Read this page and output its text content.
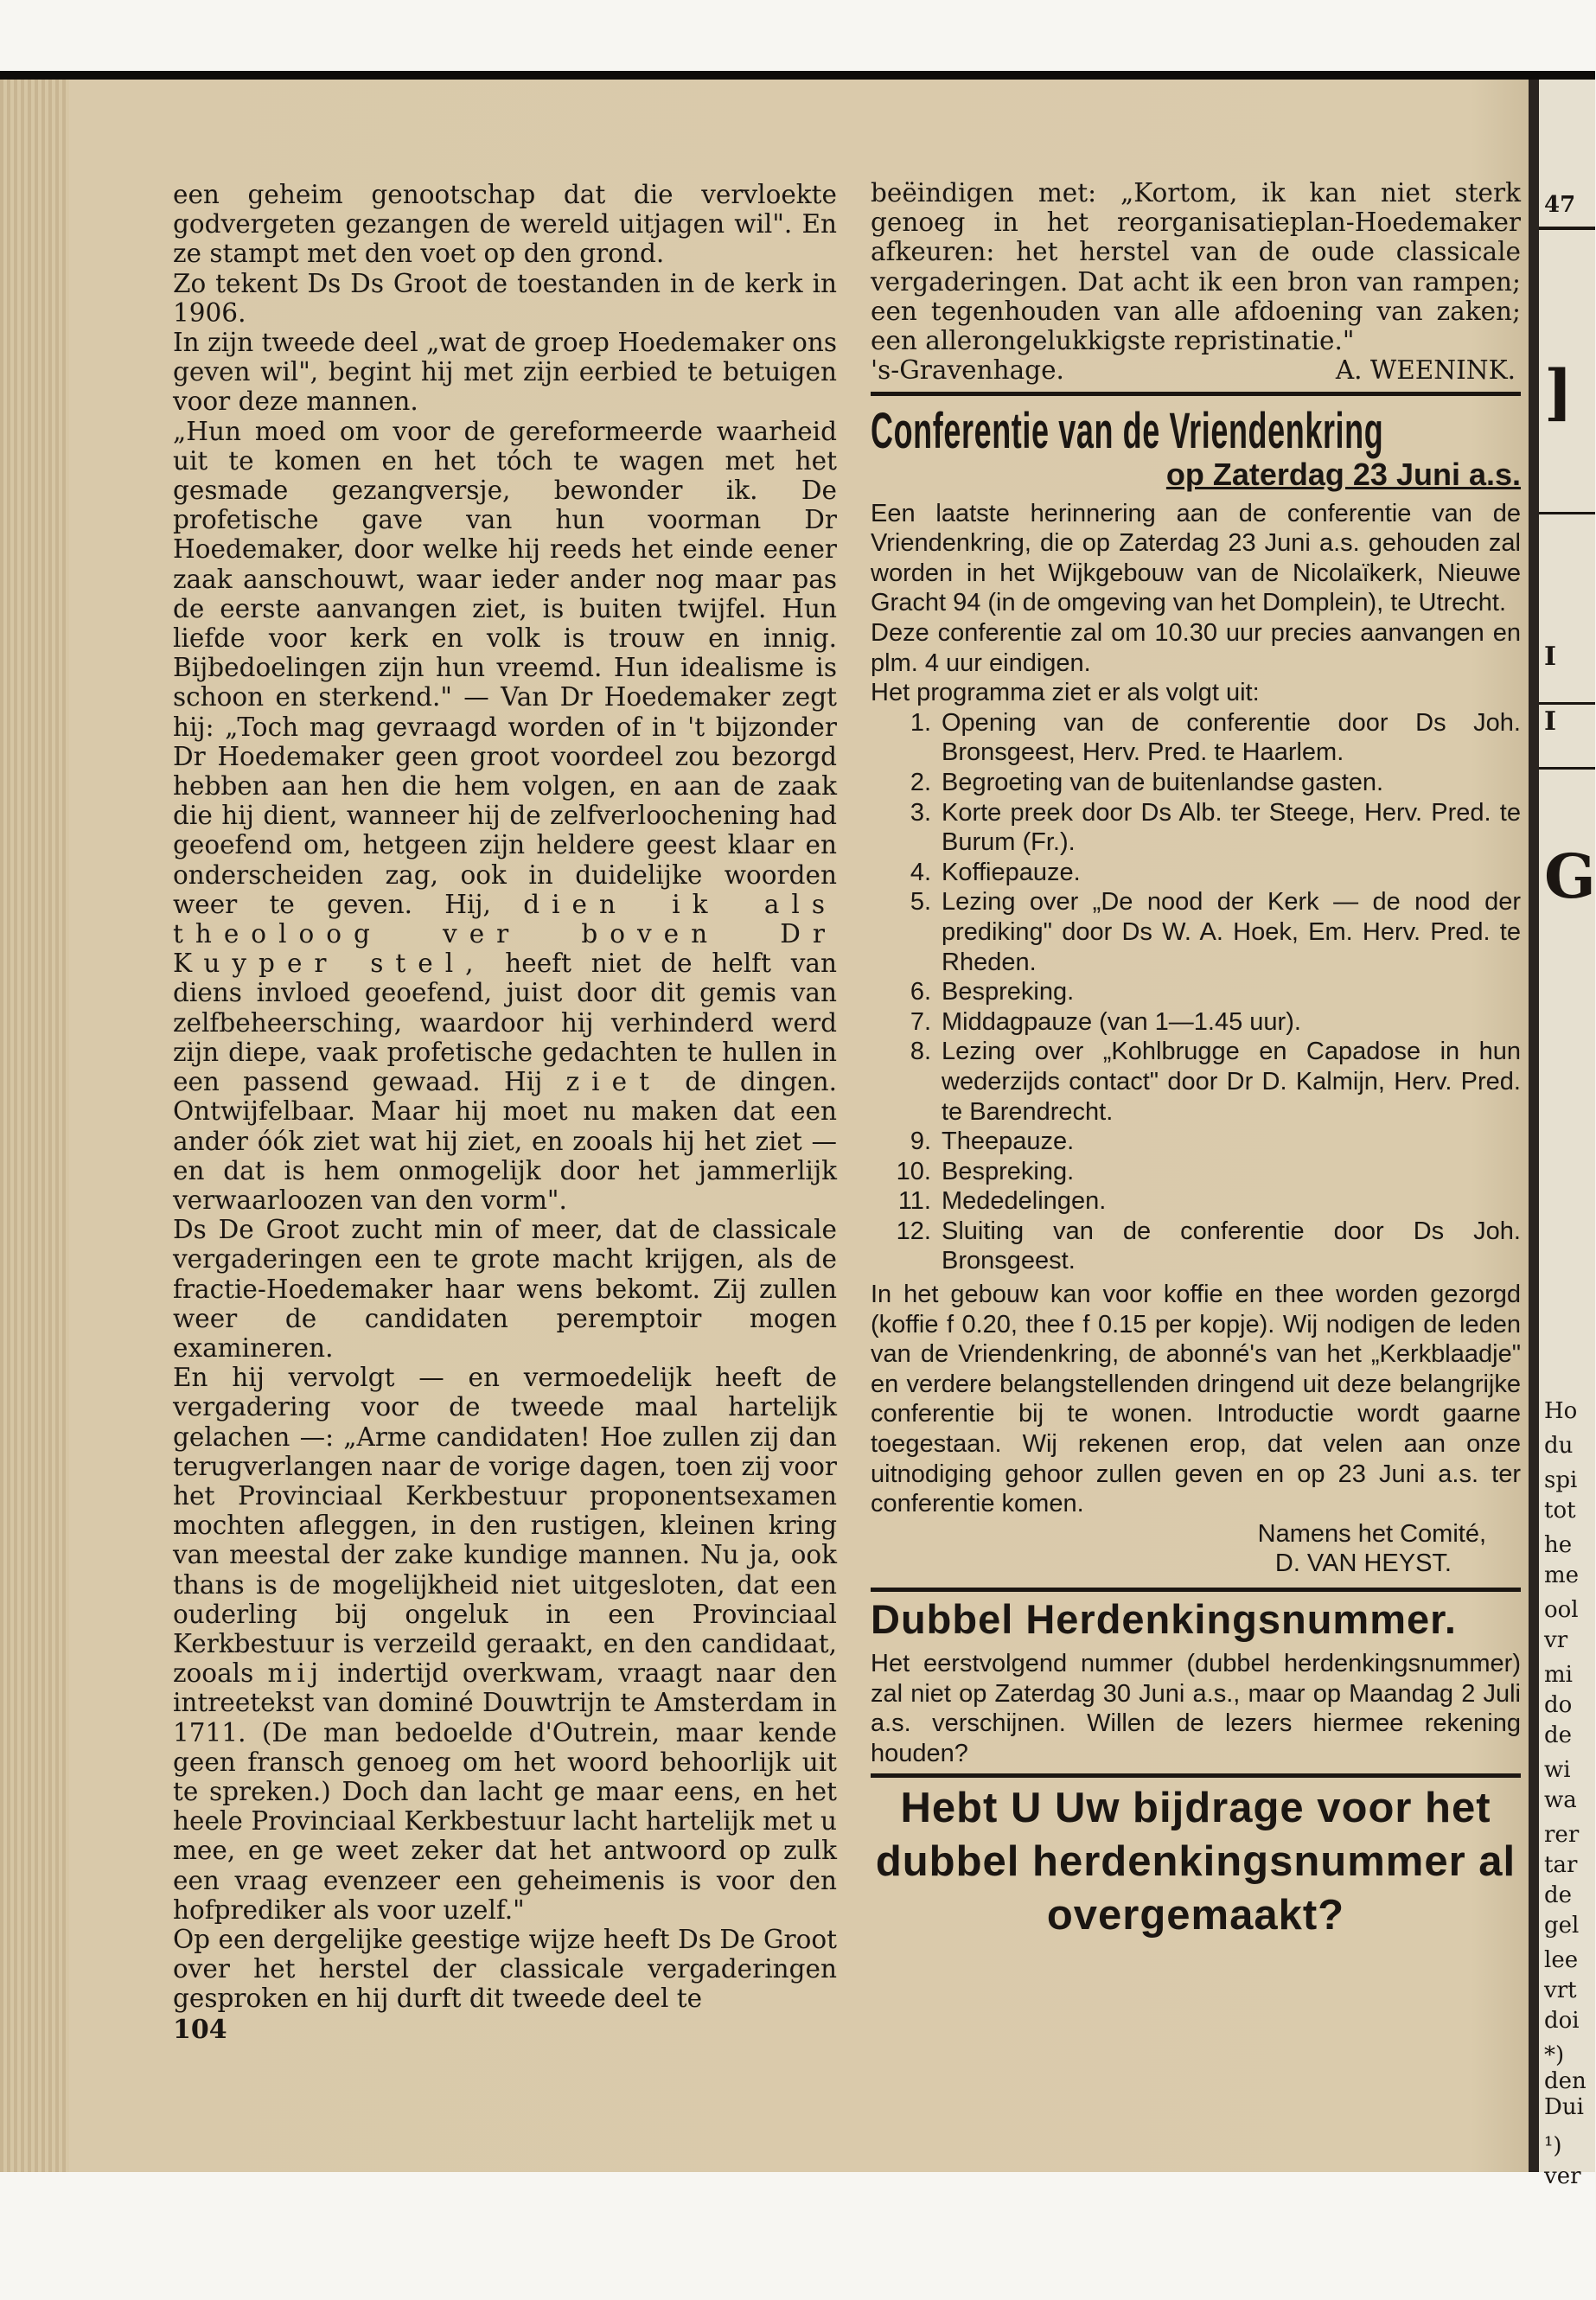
een geheim genootschap dat die vervloekte godvergeten gezangen de wereld uitjagen wil". En ze stampt met den voet op den grond.

Zo tekent Ds Ds Groot de toestanden in de kerk in 1906.

In zijn tweede deel „wat de groep Hoedemaker ons geven wil", begint hij met zijn eerbied te betuigen voor deze mannen.

„Hun moed om voor de gereformeerde waarheid uit te komen en het tóch te wagen met het gesmade gezangversje, bewonder ik. De profetische gave van hun voorman Dr Hoedemaker, door welke hij reeds het einde eener zaak aanschouwt, waar ieder ander nog maar pas de eerste aanvangen ziet, is buiten twijfel. Hun liefde voor kerk en volk is trouw en innig. Bijbedoelingen zijn hun vreemd. Hun idealisme is schoon en sterkend." — Van Dr Hoedemaker zegt hij: „Toch mag gevraagd worden of in 't bijzonder Dr Hoedemaker geen groot voordeel zou bezorgd hebben aan hen die hem volgen, en aan de zaak die hij dient, wanneer hij de zelfverloochening had geoefend om, hetgeen zijn heldere geest klaar en onderscheiden zag, ook in duidelijke woorden weer te geven. Hij, dien ik als theoloog ver boven Dr Kuyper stel, heeft niet de helft van diens invloed geoefend, juist door dit gemis van zelfbeheersching, waardoor hij verhinderd werd zijn diepe, vaak profetische gedachten te hullen in een passend gewaad. Hij ziet de dingen. Ontwijfelbaar. Maar hij moet nu maken dat een ander óók ziet wat hij ziet, en zooals hij het ziet — en dat is hem onmogelijk door het jammerlijk verwaarloozen van den vorm".

Ds De Groot zucht min of meer, dat de classicale vergaderingen een te grote macht krijgen, als de fractie-Hoedemaker haar wens bekomt. Zij zullen weer de candidaten peremptoir mogen examineren.

En hij vervolgt — en vermoedelijk heeft de vergadering voor de tweede maal hartelijk gelachen —: „Arme candidaten! Hoe zullen zij dan terugverlangen naar de vorige dagen, toen zij voor het Provinciaal Kerkbestuur proponentsexamen mochten afleggen, in den rustigen, kleinen kring van meestal der zake kundige mannen. Nu ja, ook thans is de mogelijkheid niet uitgesloten, dat een ouderling bij ongeluk in een Provinciaal Kerkbestuur is verzeild geraakt, en den candidaat, zooals mij indertijd overkwam, vraagt naar den intreetekst van dominé Douwtrijn te Amsterdam in 1711. (De man bedoelde d'Outrein, maar kende geen fransch genoeg om het woord behoorlijk uit te spreken.) Doch dan lacht ge maar eens, en het heele Provinciaal Kerkbestuur lacht hartelijk met u mee, en ge weet zeker dat het antwoord op zulk een vraag evenzeer een geheimenis is voor den hofprediker als voor uzelf."

Op een dergelijke geestige wijze heeft Ds De Groot over het herstel der classicale vergaderingen gesproken en hij durft dit tweede deel te

104

beëindigen met: „Kortom, ik kan niet sterk genoeg in het reorganisatieplan-Hoedemaker afkeuren: het herstel van de oude classicale vergaderingen. Dat acht ik een bron van rampen; een tegenhouden van alle afdoening van zaken; een allerongelukkigste repristinatie."

's-Gravenhage.	A. WEENINK.

Conferentie van de Vriendenkring
op Zaterdag 23 Juni a.s.

Een laatste herinnering aan de conferentie van de Vriendenkring, die op Zaterdag 23 Juni a.s. gehouden zal worden in het Wijkgebouw van de Nicolaïkerk, Nieuwe Gracht 94 (in de omgeving van het Domplein), te Utrecht.

Deze conferentie zal om 10.30 uur precies aanvangen en plm. 4 uur eindigen.

Het programma ziet er als volgt uit:

1. Opening van de conferentie door Ds Joh. Bronsgeest, Herv. Pred. te Haarlem.
2. Begroeting van de buitenlandse gasten.
3. Korte preek door Ds Alb. ter Steege, Herv. Pred. te Burum (Fr.).
4. Koffiepauze.
5. Lezing over „De nood der Kerk — de nood der prediking" door Ds W. A. Hoek, Em. Herv. Pred. te Rheden.
6. Bespreking.
7. Middagpauze (van 1—1.45 uur).
8. Lezing over „Kohlbrugge en Capadose in hun wederzijds contact" door Dr D. Kalmijn, Herv. Pred. te Barendrecht.
9. Theepauze.
10. Bespreking.
11. Mededelingen.
12. Sluiting van de conferentie door Ds Joh. Bronsgeest.

In het gebouw kan voor koffie en thee worden gezorgd (koffie f 0.20, thee f 0.15 per kopje). Wij nodigen de leden van de Vriendenkring, de abonné's van het „Kerkblaadje" en verdere belangstellenden dringend uit deze belangrijke conferentie bij te wonen. Introductie wordt gaarne toegestaan. Wij rekenen erop, dat velen aan onze uitnodiging gehoor zullen geven en op 23 Juni a.s. ter conferentie komen.

Namens het Comité,

D. VAN HEYST.

Dubbel Herdenkingsnummer.

Het eerstvolgend nummer (dubbel herdenkingsnummer) zal niet op Zaterdag 30 Juni a.s., maar op Maandag 2 Juli a.s. verschijnen. Willen de lezers hiermee rekening houden?

Hebt U Uw bijdrage voor het dubbel herdenkingsnummer al overgemaakt?
47
]
I
I
G
Ho
du
spi
tot
he
me
ool
vr
mi
do
de
wi
wa
rer
tar
de
gel
lee
vrt
doi
*)
den
Dui
¹)
ver
